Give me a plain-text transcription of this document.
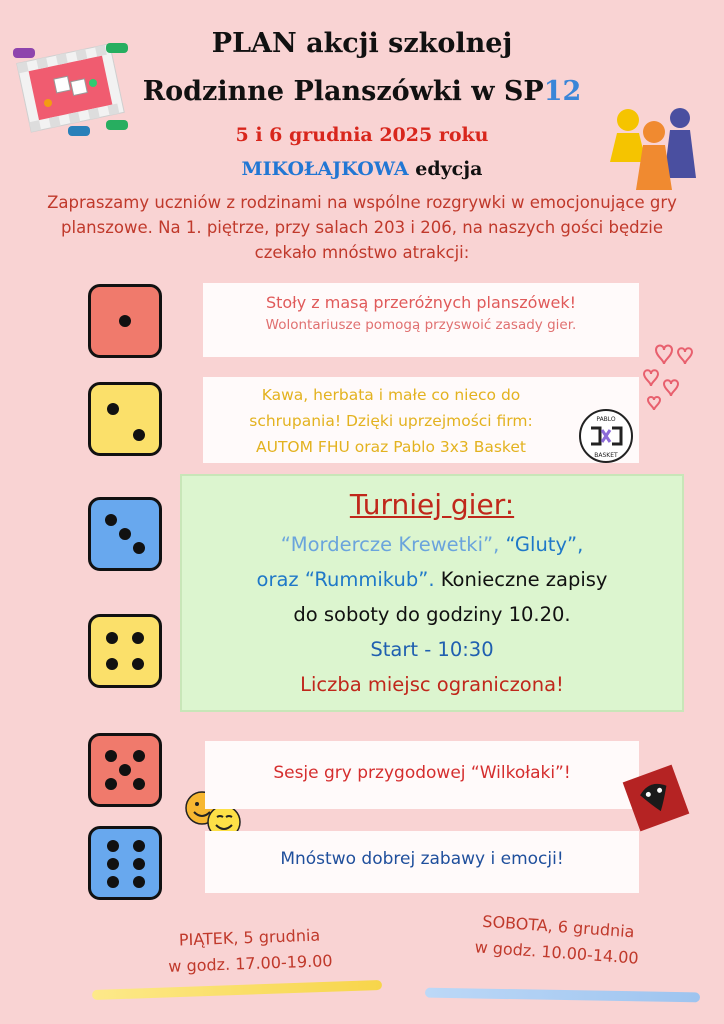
PLAN akcji szkolnej
Rodzinne Planszówki w SP12
5 i 6 grudnia 2025 roku
MIKOŁAJKOWA edycja
Zapraszamy uczniów z rodzinami na wspólne rozgrywki w emocjonujące gry planszowe. Na 1. piętrze, przy salach 203 i 206, na naszych gości będzie czekało mnóstwo atrakcji:
Stoły z masą przeróżnych planszówek!
Wolontariusze pomogą przyswoić zasady gier.
Kawa, herbata i małe co nieco do
schrupania! Dzięki uprzejmości firm:
AUTOM FHU oraz Pablo 3x3 Basket
PABLO
BASKET
Turniej gier:
“Mordercze Krewetki”, “Gluty”,
oraz “Rummikub”. Konieczne zapisy
do soboty do godziny 10.20.
Start - 10:30
Liczba miejsc ograniczona!
Sesje gry przygodowej “Wilkołaki”!
Mnóstwo dobrej zabawy i emocji!
PIĄTEK, 5 grudnia
w godz. 17.00-19.00
SOBOTA, 6 grudnia
w godz. 10.00-14.00
